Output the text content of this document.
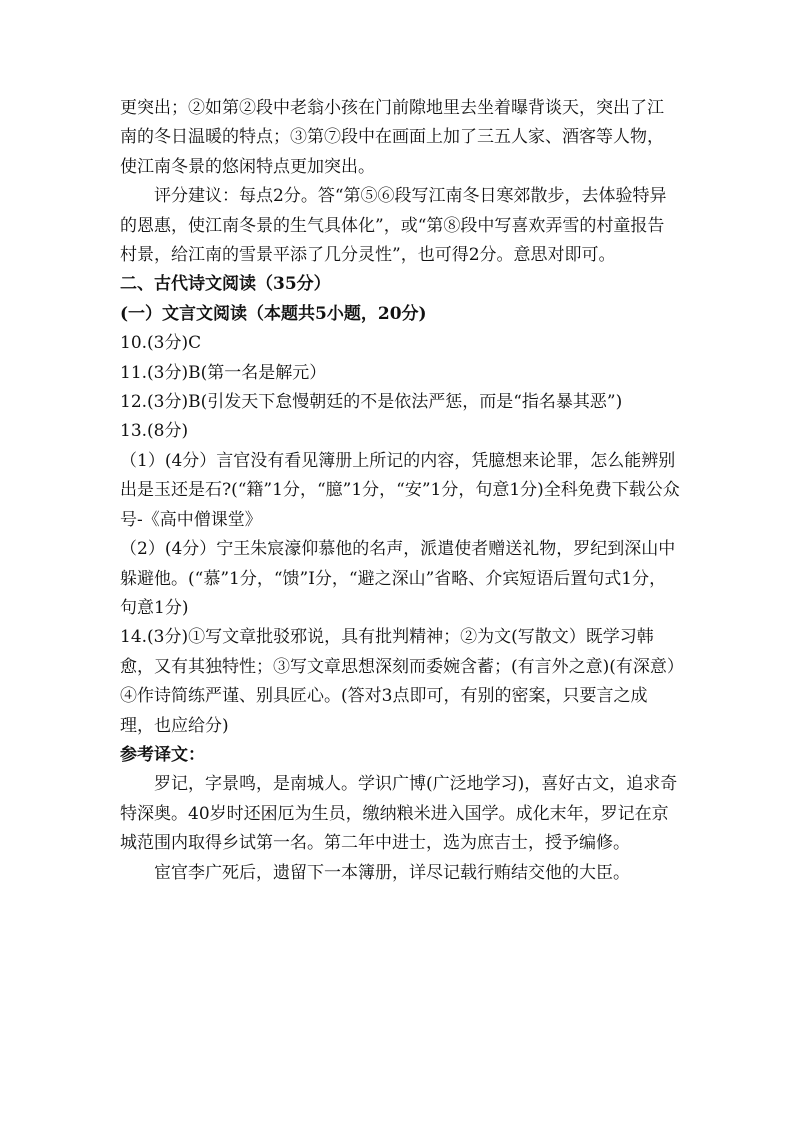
更突出；②如第②段中老翁小孩在门前隙地里去坐着曝背谈天，突出了江南的冬日温暖的特点；③第⑦段中在画面上加了三五人家、酒客等人物，使江南冬景的悠闲特点更加突出。

评分建议：每点2分。答“第⑤⑥段写江南冬日寒郊散步，去体验特异的恩惠，使江南冬景的生气具体化”，或“第⑧段中写喜欢弄雪的村童报告村景，给江南的雪景平添了几分灵性”，也可得2分。意思对即可。

二、古代诗文阅读（35分）

(一）文言文阅读（本题共5小题，20分)

10.(3分)C

11.(3分)B(第一名是解元）

12.(3分)B(引发天下怠慢朝廷的不是依法严惩，而是“指名暴其恶”)

13.(8分)

（1）(4分）言官没有看见簿册上所记的内容，凭臆想来论罪，怎么能辨别出是玉还是石?(“籍”1分，“臆”1分，“安”1分，句意1分)全科免费下载公众号-《高中僧课堂》

（2）(4分）宁王朱宸濠仰慕他的名声，派遣使者赠送礼物，罗纪到深山中躲避他。(“慕”1分，“馈”I分，“避之深山”省略、介宾短语后置句式1分，句意1分)

14.(3分)①写文章批驳邪说，具有批判精神；②为文(写散文）既学习韩愈，又有其独特性；③写文章思想深刻而委婉含蓄；(有言外之意)(有深意）④作诗简练严谨、别具匠心。(答对3点即可，有别的密案，只要言之成理，也应给分)

参考译文：

罗记，字景鸣，是南城人。学识广博(广泛地学习)，喜好古文，追求奇特深奥。40岁时还困厄为生员，缴纳粮米进入国学。成化末年，罗记在京城范围内取得乡试第一名。第二年中进士，选为庶吉士，授予编修。

宦官李广死后，遗留下一本簿册，详尽记载行贿结交他的大臣。
